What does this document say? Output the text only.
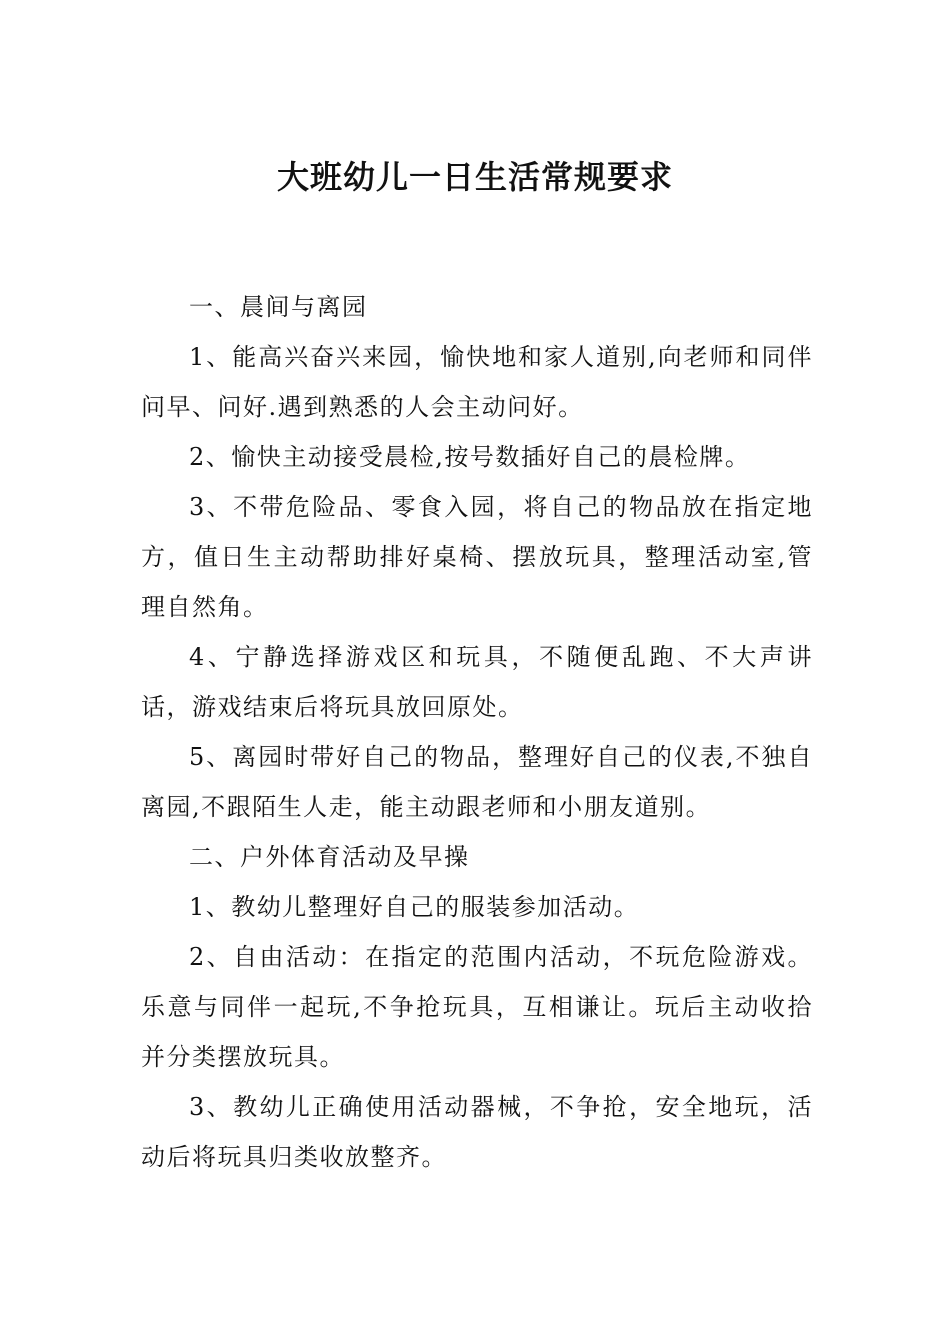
大班幼儿一日生活常规要求

一、晨间与离园

1、能高兴奋兴来园，愉快地和家人道别,向老师和同伴问早、问好.遇到熟悉的人会主动问好。

2、愉快主动接受晨检,按号数插好自己的晨检牌。

3、不带危险品、零食入园，将自己的物品放在指定地方，值日生主动帮助排好桌椅、摆放玩具，整理活动室,管理自然角。

4、宁静选择游戏区和玩具，不随便乱跑、不大声讲话，游戏结束后将玩具放回原处。

5、离园时带好自己的物品，整理好自己的仪表,不独自离园,不跟陌生人走，能主动跟老师和小朋友道别。

二、户外体育活动及早操

1、教幼儿整理好自己的服装参加活动。

2、自由活动：在指定的范围内活动，不玩危险游戏。乐意与同伴一起玩,不争抢玩具，互相谦让。玩后主动收拾并分类摆放玩具。

3、教幼儿正确使用活动器械，不争抢，安全地玩，活动后将玩具归类收放整齐。
